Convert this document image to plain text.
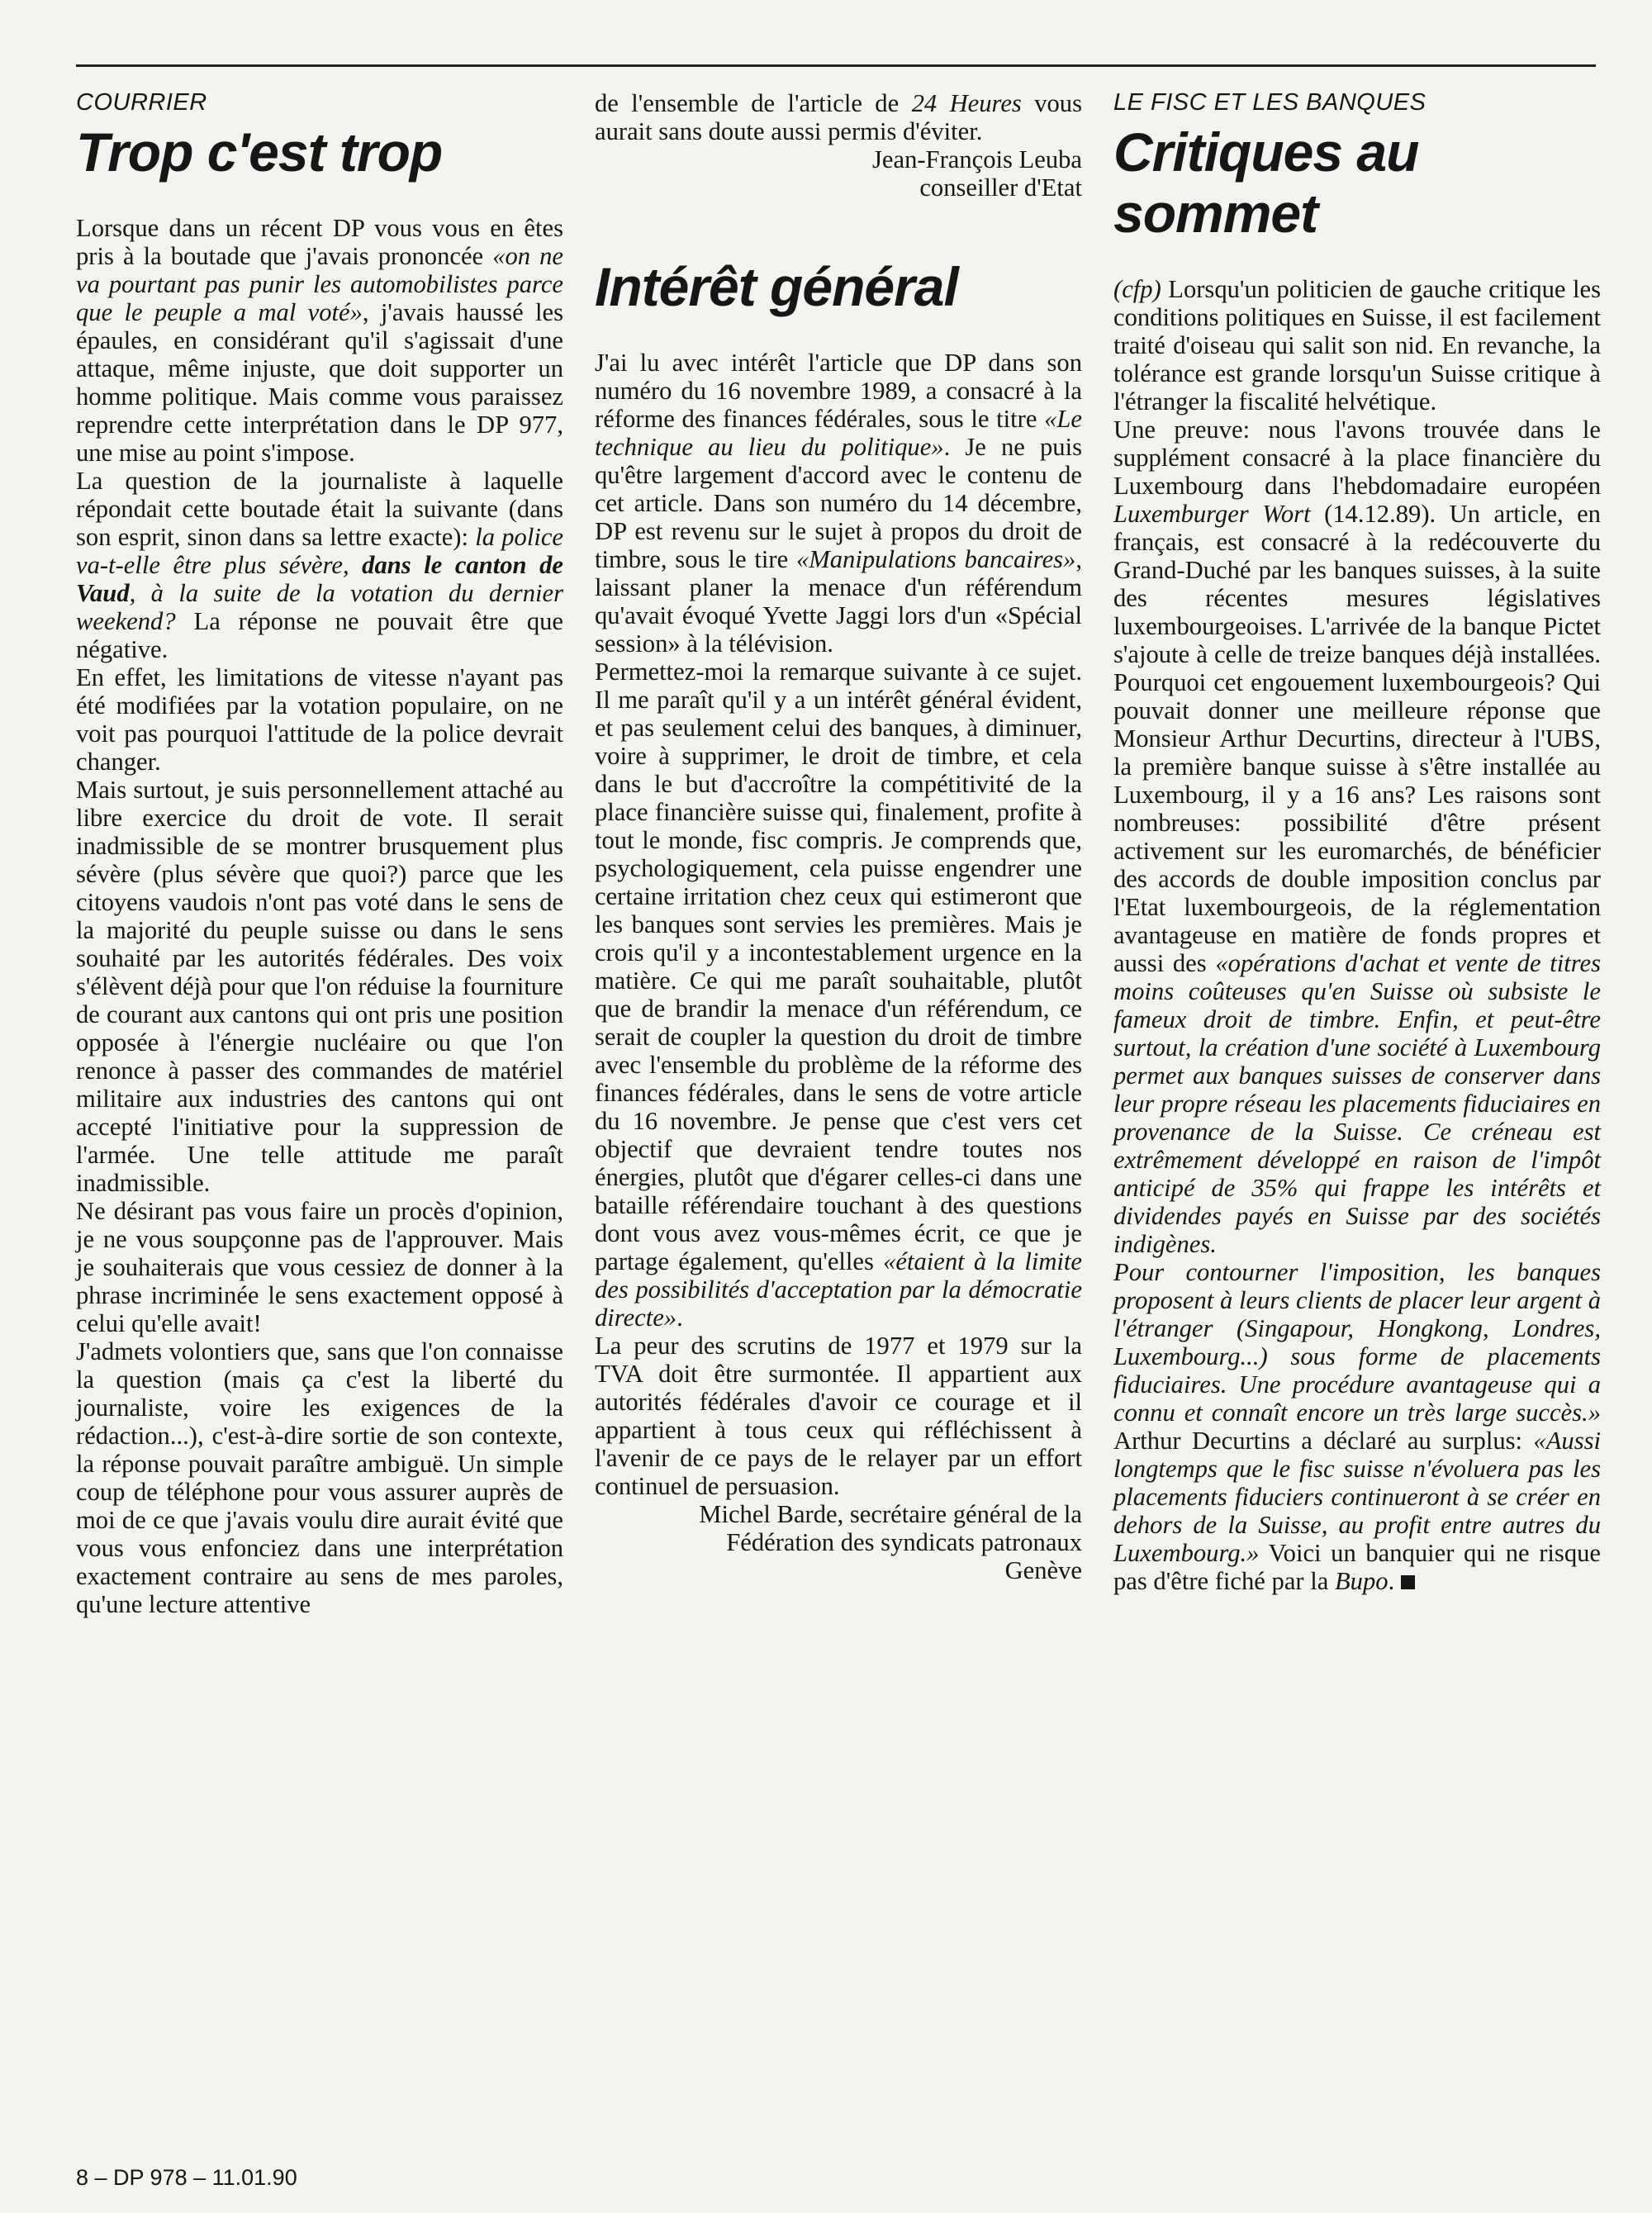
COURRIER
Trop c'est trop

Lorsque dans un récent DP vous vous en êtes pris à la boutade que j'avais prononcée «on ne va pourtant pas punir les automobilistes parce que le peuple a mal voté», j'avais haussé les épaules, en considérant qu'il s'agissait d'une attaque, même injuste, que doit supporter un homme politique. Mais comme vous paraissez reprendre cette interprétation dans le DP 977, une mise au point s'impose.

La question de la journaliste à laquelle répondait cette boutade était la suivante (dans son esprit, sinon dans sa lettre exacte): la police va-t-elle être plus sévère, dans le canton de Vaud, à la suite de la votation du dernier weekend? La réponse ne pouvait être que négative.

En effet, les limitations de vitesse n'ayant pas été modifiées par la votation populaire, on ne voit pas pourquoi l'attitude de la police devrait changer.

Mais surtout, je suis personnellement attaché au libre exercice du droit de vote. Il serait inadmissible de se montrer brusquement plus sévère (plus sévère que quoi?) parce que les citoyens vaudois n'ont pas voté dans le sens de la majorité du peuple suisse ou dans le sens souhaité par les autorités fédérales. Des voix s'élèvent déjà pour que l'on réduise la fourniture de courant aux cantons qui ont pris une position opposée à l'énergie nucléaire ou que l'on renonce à passer des commandes de matériel militaire aux industries des cantons qui ont accepté l'initiative pour la suppression de l'armée. Une telle attitude me paraît inadmissible.

Ne désirant pas vous faire un procès d'opinion, je ne vous soupçonne pas de l'approuver. Mais je souhaiterais que vous cessiez de donner à la phrase incriminée le sens exactement opposé à celui qu'elle avait!

J'admets volontiers que, sans que l'on connaisse la question (mais ça c'est la liberté du journaliste, voire les exigences de la rédaction...), c'est-à-dire sortie de son contexte, la réponse pouvait paraître ambiguë. Un simple coup de téléphone pour vous assurer auprès de moi de ce que j'avais voulu dire aurait évité que vous vous enfonciez dans une interprétation exactement contraire au sens de mes paroles, qu'une lecture attentive

de l'ensemble de l'article de 24 Heures vous aurait sans doute aussi permis d'éviter.

Jean-François Leuba

conseiller d'Etat

Intérêt général

J'ai lu avec intérêt l'article que DP dans son numéro du 16 novembre 1989, a consacré à la réforme des finances fédérales, sous le titre «Le technique au lieu du politique». Je ne puis qu'être largement d'accord avec le contenu de cet article. Dans son numéro du 14 décembre, DP est revenu sur le sujet à propos du droit de timbre, sous le tire «Manipulations bancaires», laissant planer la menace d'un référendum qu'avait évoqué Yvette Jaggi lors d'un «Spécial session» à la télévision.

Permettez-moi la remarque suivante à ce sujet. Il me paraît qu'il y a un intérêt général évident, et pas seulement celui des banques, à diminuer, voire à supprimer, le droit de timbre, et cela dans le but d'accroître la compétitivité de la place financière suisse qui, finalement, profite à tout le monde, fisc compris. Je comprends que, psychologiquement, cela puisse engendrer une certaine irritation chez ceux qui estimeront que les banques sont servies les premières. Mais je crois qu'il y a incontestablement urgence en la matière. Ce qui me paraît souhaitable, plutôt que de brandir la menace d'un référendum, ce serait de coupler la question du droit de timbre avec l'ensemble du problème de la réforme des finances fédérales, dans le sens de votre article du 16 novembre. Je pense que c'est vers cet objectif que devraient tendre toutes nos énergies, plutôt que d'égarer celles-ci dans une bataille référendaire touchant à des questions dont vous avez vous-mêmes écrit, ce que je partage également, qu'elles «étaient à la limite des possibilités d'acceptation par la démocratie directe».

La peur des scrutins de 1977 et 1979 sur la TVA doit être surmontée. Il appartient aux autorités fédérales d'avoir ce courage et il appartient à tous ceux qui réfléchissent à l'avenir de ce pays de le relayer par un effort continuel de persuasion.

Michel Barde, secrétaire général de la

Fédération des syndicats patronaux

Genève

LE FISC ET LES BANQUES
Critiques au sommet

(cfp) Lorsqu'un politicien de gauche critique les conditions politiques en Suisse, il est facilement traité d'oiseau qui salit son nid. En revanche, la tolérance est grande lorsqu'un Suisse critique à l'étranger la fiscalité helvétique.

Une preuve: nous l'avons trouvée dans le supplément consacré à la place financière du Luxembourg dans l'hebdomadaire européen Luxemburger Wort (14.12.89). Un article, en français, est consacré à la redécouverte du Grand-Duché par les banques suisses, à la suite des récentes mesures législatives luxembourgeoises. L'arrivée de la banque Pictet s'ajoute à celle de treize banques déjà installées. Pourquoi cet engouement luxembourgeois? Qui pouvait donner une meilleure réponse que Monsieur Arthur Decurtins, directeur à l'UBS, la première banque suisse à s'être installée au Luxembourg, il y a 16 ans? Les raisons sont nombreuses: possibilité d'être présent activement sur les euromarchés, de bénéficier des accords de double imposition conclus par l'Etat luxembourgeois, de la réglementation avantageuse en matière de fonds propres et aussi des «opérations d'achat et vente de titres moins coûteuses qu'en Suisse où subsiste le fameux droit de timbre. Enfin, et peut-être surtout, la création d'une société à Luxembourg permet aux banques suisses de conserver dans leur propre réseau les placements fiduciaires en provenance de la Suisse. Ce créneau est extrêmement développé en raison de l'impôt anticipé de 35% qui frappe les intérêts et dividendes payés en Suisse par des sociétés indigènes.

Pour contourner l'imposition, les banques proposent à leurs clients de placer leur argent à l'étranger (Singapour, Hongkong, Londres, Luxembourg...) sous forme de placements fiduciaires. Une procédure avantageuse qui a connu et connaît encore un très large succès.» Arthur Decurtins a déclaré au surplus: «Aussi longtemps que le fisc suisse n'évoluera pas les placements fiduciers continueront à se créer en dehors de la Suisse, au profit entre autres du Luxembourg.» Voici un banquier qui ne risque pas d'être fiché par la Bupo.

8 – DP 978 – 11.01.90
